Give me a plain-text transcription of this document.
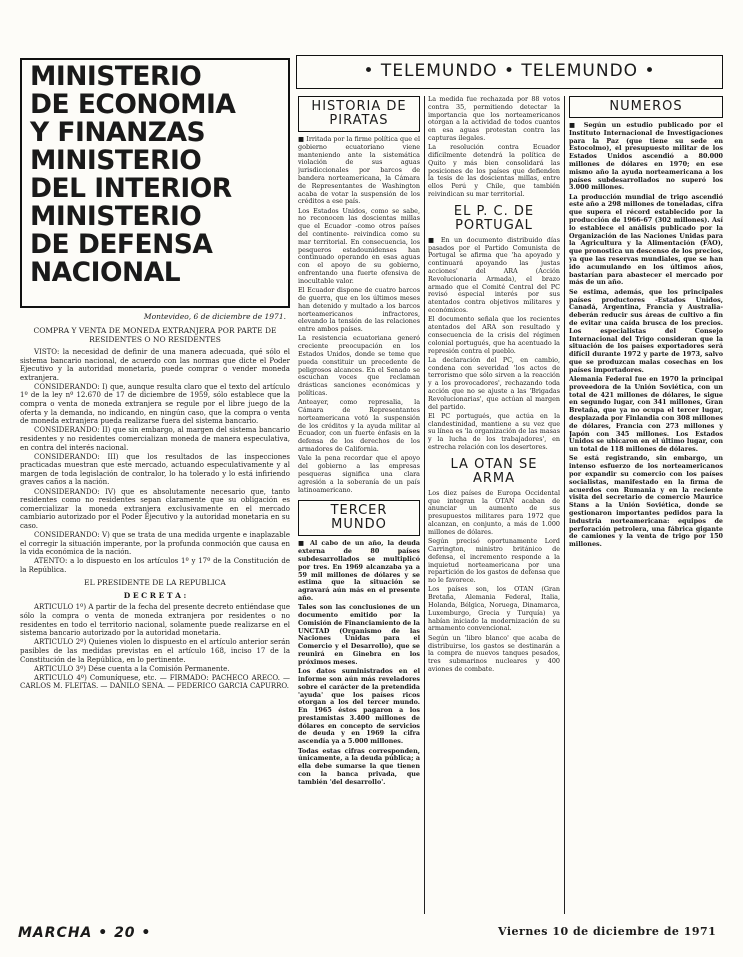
MINISTERIO
DE ECONOMIA
Y FINANZAS
MINISTERIO
DEL INTERIOR
MINISTERIO
DE DEFENSA
NACIONAL
Montevideo, 6 de diciembre de 1971.
COMPRA Y VENTA DE MONEDA EXTRANJERA POR PARTE DE RESIDENTES O NO RESIDENTES

VISTO: la necesidad de definir de una manera adecuada, qué sólo el sistema bancario nacional, de acuerdo con las normas que dicte el Poder Ejecutivo y la autoridad monetaria, puede comprar o vender moneda extranjera.

CONSIDERANDO: I) que, aunque resulta claro que el texto del artículo 1º de la ley nº 12.670 de 17 de diciembre de 1959, sólo establece que la compra o venta de moneda extranjera se regule por el libre juego de la oferta y la demanda, no indicando, en ningún caso, que la compra o venta de moneda extranjera pueda realizarse fuera del sistema bancario.

CONSIDERANDO: II) que sin embargo, al margen del sistema bancario residentes y no residentes comercializan moneda de manera especulativa, en contra del interés nacional.

CONSIDERANDO: III) que los resultados de las inspecciones practicadas muestran que este mercado, actuando especulativamente y al margen de toda legislación de contralor, lo ha tolerado y lo está infiriendo graves caños a la nación.

CONSIDERANDO: IV) que es absolutamente necesario que, tanto residentes como no residentes sepan claramente que su obligación es comercializar la moneda extranjera exclusivamente en el mercado cambiario autorizado por el Poder Ejecutivo y la autoridad monetaria en su caso.

CONSIDERANDO: V) que se trata de una medida urgente e inaplazable el corregir la situación imperante, por la profunda conmoción que causa en la vida económica de la nación.

ATENTO: a lo dispuesto en los artículos 1º y 17º de la Constitución de la República.

EL PRESIDENTE DE LA REPUBLICA
D E C R E T A :

ARTICULO 1º) A partir de la fecha del presente decreto entiéndase que sólo la compra o venta de moneda extranjera por residentes o no residentes en todo el territorio nacional, solamente puede realizarse en el sistema bancario autorizado por la autoridad monetaria.

ARTICULO 2º) Quienes violen lo dispuesto en el artículo anterior serán pasibles de las medidas previstas en el artículo 168, inciso 17 de la Constitución de la República, en lo pertinente.

ARTICULO 3º) Dése cuenta a la Comisión Permanente.

ARTICULO 4º) Comuníquese, etc. — FIRMADO: PACHECO ARECO. — CARLOS M. FLEITAS. — DANILO SENA. — FEDERICO GARCIA CAPURRO.

• TELEMUNDO • TELEMUNDO •
HISTORIA DE PIRATAS

■ Irritada por la firme política que el gobierno ecuatoriano viene manteniendo ante la sistemática violación de sus aguas jurisdiccionales por barcos de bandera norteamericana, la Cámara de Representantes de Washington acaba de votar la suspensión de los créditos a ese país.

Los Estados Unidos, como se sabe, no reconocen las doscientas millas que el Ecuador -como otros países del continente- reivindica como su mar territorial. En consecuencia, los pesqueros estadounidenses han continuado operando en esas aguas con el apoyo de su gobierno, enfrentando una fuerte ofensiva de inocultable valor.

El Ecuador dispone de cuatro barcos de guerra, que en los últimos meses han detenido y multado a los barcos norteamericanos infractores, elevando la tensión de las relaciones entre ambos países.

La resistencia ecuatoriana generó creciente preocupación en los Estados Unidos, donde se teme que pueda constituir un precedente de peligrosos alcances. En el Senado se escuchan voces que reclaman drásticas sanciones económicas y políticas.

Anteayer, como represalia, la Cámara de Representantes norteamericana votó la suspensión de los créditos y la ayuda militar al Ecuador, con un fuerte énfasis en la defensa de los derechos de los armadores de California.

Vale la pena recordar que el apoyo del gobierno a las empresas pesqueras significa una clara agresión a la soberanía de un país latinoamericano.

TERCER MUNDO

■ Al cabo de un año, la deuda externa de 80 países subdesarrollados se multiplicó por tres. En 1969 alcanzaba ya a 59 mil millones de dólares y se estima que la situación se agravará aún más en el presente año.

Tales son las conclusiones de un documento emitido por la Comisión de Financiamiento de la UNCTAD (Organismo de las Naciones Unidas para el Comercio y el Desarrollo), que se reunirá en Ginebra en los próximos meses.

Los datos suministrados en el informe son aún más reveladores sobre el carácter de la pretendida 'ayuda' que los países ricos otorgan a los del tercer mundo. En 1965 éstos pagaron a los prestamistas 3.400 millones de dólares en concepto de servicios de deuda y en 1969 la cifra ascendía ya a 5.000 millones.

Todas estas cifras corresponden, únicamente, a la deuda pública; a ella debe sumarse la que tienen con la banca privada, que también 'del desarrollo'.

La medida fue rechazada por 88 votos contra 35, permitiendo detectar la importancia que los norteamericanos otorgan a la actividad de todos cuantos en esa aguas protestan contra las capturas ilegales.

La resolución contra Ecuador difícilmente detendrá la política de Quito y más bien consolidará las posiciones de los países que defienden la tesis de las doscientas millas, entre ellos Perú y Chile, que también reivindican su mar territorial.

EL P. C. DE PORTUGAL

■ En un documento distribuido días pasados por el Partido Comunista de Portugal se afirma que 'ha apoyado y continuará apoyando las justas acciones' del ARA (Acción Revolucionaria Armada), el brazo armado que el Comité Central del PC revisó especial interés por sus atentados contra objetivos militares y económicos.

El documento señala que los recientes atentados del ARA son resultado y consecuencia de la crisis del régimen colonial portugués, que ha acentuado la represión contra el pueblo.

La declaración del PC, en cambio, condena con severidad 'los actos de terrorismo que sólo sirven a la reacción y a los provocadores', rechazando toda acción que no se ajuste a las 'Brigadas Revolucionarias', que actúan al margen del partido.

El PC portugués, que actúa en la clandestinidad, mantiene a su vez que su línea es 'la organización de las masas y la lucha de los trabajadores', en estrecha relación con los desertores.

LA OTAN SE ARMA

Los diez países de Europa Occidental que integran la OTAN acaban de anunciar un aumento de sus presupuestos militares para 1972 que alcanzan, en conjunto, a más de 1.000 millones de dólares.

Según precisó oportunamente Lord Carrington, ministro británico de defensa, el incremento responde a la inquietud norteamericana por una repartición de los gastos de defensa que no le favorece.

Los países son, los OTAN (Gran Bretaña, Alemania Federal, Italia, Holanda, Bélgica, Noruega, Dinamarca, Luxemburgo, Grecia y Turquía) ya habían iniciado la modernización de su armamento convencional.

Según un 'libro blanco' que acaba de distribuirse, los gastos se destinarán a la compra de nuevos tanques pesados, tres submarinos nucleares y 400 aviones de combate.

NUMEROS

■ Según un estudio publicado por el Instituto Internacional de Investigaciones para la Paz (que tiene su sede en Estocolmo), el presupuesto militar de los Estados Unidos ascendió a 80.000 millones de dólares en 1970; en ese mismo año la ayuda norteamericana a los países subdesarrollados no superó los 3.000 millones.

La producción mundial de trigo ascendió este año a 298 millones de toneladas, cifra que supera el récord establecido por la producción de 1966-67 (302 millones). Así lo establece el análisis publicado por la Organización de las Naciones Unidas para la Agricultura y la Alimentación (FAO), que pronostica un descenso de los precios, ya que las reservas mundiales, que se han ido acumulando en los últimos años, bastarían para abastecer el mercado por más de un año.

Se estima, además, que los principales países productores -Estados Unidos, Canadá, Argentina, Francia y Australia- deberán reducir sus áreas de cultivo a fin de evitar una caída brusca de los precios. Los especialistas del Consejo Internacional del Trigo consideran que la situación de los países exportadores será difícil durante 1972 y parte de 1973, salvo que se produzcan malas cosechas en los países importadores.

Alemania Federal fue en 1970 la principal proveedora de la Unión Soviética, con un total de 421 millones de dólares, le sigue en segundo lugar, con 341 millones, Gran Bretaña, que ya no ocupa el tercer lugar, desplazada por Finlandia con 308 millones de dólares, Francia con 273 millones y Japón con 345 millones. Los Estados Unidos se ubicaron en el último lugar, con un total de 118 millones de dólares.

Se está registrando, sin embargo, un intenso esfuerzo de los norteamericanos por expandir su comercio con los países socialistas, manifestado en la firma de acuerdos con Rumania y en la reciente visita del secretario de comercio Maurice Stans a la Unión Soviética, donde se gestionaron importantes pedidos para la industria norteamericana: equipos de perforación petrolera, una fábrica gigante de camiones y la venta de trigo por 150 millones.

MARCHA • 20 •	Viernes 10 de diciembre de 1971
